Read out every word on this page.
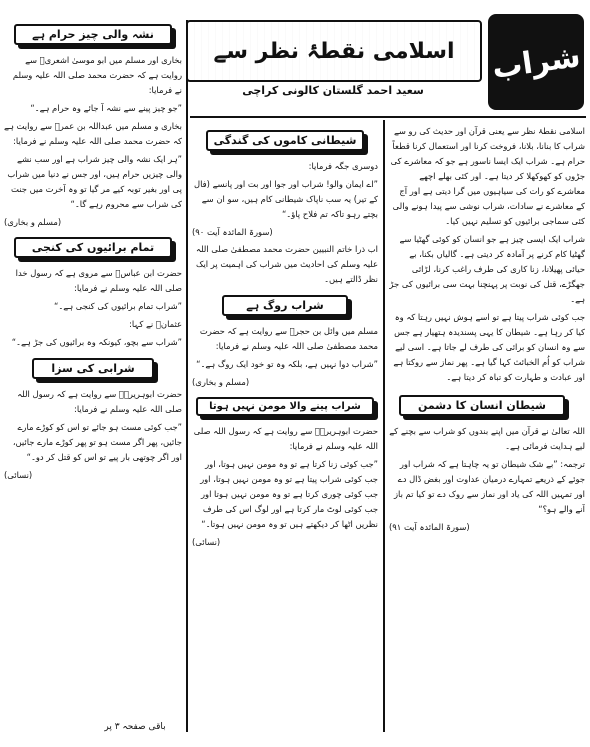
شراب
اسلامی نقطۂ نظر سے
سعید احمد گلستان کالونی کراچی

اسلامی نقطۂ نظر سے یعنی قرآن اور حدیث کی رو سے شراب کا بنانا، بلانا، فروخت کرنا اور استعمال کرنا قطعاً حرام ہے۔ شراب ایک ایسا ناسور ہے جو کہ معاشرے کی جڑوں کو کھوکھلا کر دیتا ہے۔ اور کئی بھلے اچھے معاشرے کو رات کی سیاہیوں میں گرا دیتی ہے اور آج کے معاشرے نے سادات، شراب نوشی سے پیدا ہونے والی کئی سماجی برائیوں کو تسلیم نہیں کیا۔

شراب ایک ایسی چیز ہے جو انسان کو کوئی گھٹیا سے گھٹیا کام کرنے پر آمادہ کر دیتی ہے۔ گالیاں بکنا، بے حیائی پھیلانا، زنا کاری کی طرف راغب کرنا، لڑائی جھگڑے، قتل کی نوبت پر پہنچنا بہت سی برائیوں کی جڑ ہے۔

جب کوئی شراب پیتا ہے تو اسے ہوش نہیں رہتا کہ وہ کیا کر رہا ہے۔ شیطان کا یہی پسندیدہ ہتھیار ہے جس سے وہ انسان کو برائی کی طرف لے جاتا ہے۔ اسی لیے شراب کو اُم الخبائث کہا گیا ہے۔ پھر نماز سے روکتا ہے اور عبادت و طہارت کو تباہ کر دیتا ہے۔

شیطان انسان کا دشمن

اللہ تعالیٰ نے قرآن میں اپنے بندوں کو شراب سے بچنے کے لیے ہدایت فرمائی ہے۔

ترجمہ: ”بے شک شیطان تو یہ چاہتا ہے کہ شراب اور جوئے کے ذریعے تمہارے درمیان عداوت اور بغض ڈال دے اور تمہیں اللہ کی یاد اور نماز سے روک دے تو کیا تم باز آنے والے ہو؟“

(سورۃ المائدہ آیت ۹۱)

شیطانی کاموں کی گندگی

دوسری جگہ فرمایا:

”اے ایمان والو! شراب اور جوا اور بت اور پانسے (فال کے تیر) یہ سب ناپاک شیطانی کام ہیں، سو ان سے بچتے رہو تاکہ تم فلاح پاؤ۔“

(سورۃ المائدہ آیت ۹۰)

اب ذرا خاتم النبیین حضرت محمد مصطفیٰ صلی اللہ علیہ وسلم کی احادیث میں شراب کی اہمیت پر ایک نظر ڈالتے ہیں۔

شراب روگ ہے

مسلم میں وائل بن حجرؓ سے روایت ہے کہ حضرت محمد مصطفیٰ صلی اللہ علیہ وسلم نے فرمایا:

”شراب دوا نہیں ہے، بلکہ وہ تو خود ایک روگ ہے۔“

(مسلم و بخاری)

شراب پینے والا مومن نہیں ہوتا

حضرت ابوہریرہؓ سے روایت ہے کہ رسول اللہ صلی اللہ علیہ وسلم نے فرمایا:

”جب کوئی زنا کرتا ہے تو وہ مومن نہیں ہوتا، اور جب کوئی شراب پیتا ہے تو وہ مومن نہیں ہوتا، اور جب کوئی چوری کرتا ہے تو وہ مومن نہیں ہوتا اور جب کوئی لوٹ مار کرتا ہے اور لوگ اس کی طرف نظریں اٹھا کر دیکھتے ہیں تو وہ مومن نہیں ہوتا۔“

(نسائی)

نشہ والی چیز حرام ہے

بخاری اور مسلم میں ابو موسیٰ اشعریؓ سے روایت ہے کہ حضرت محمد صلی اللہ علیہ وسلم نے فرمایا:

”جو چیز پینے سے نشہ آ جائے وہ حرام ہے۔“

بخاری و مسلم میں عبداللہ بن عمرؓ سے روایت ہے کہ حضرت محمد صلی اللہ علیہ وسلم نے فرمایا:

”ہر ایک نشہ والی چیز شراب ہے اور سب نشے والی چیزیں حرام ہیں، اور جس نے دنیا میں شراب پی اور بغیر توبہ کیے مر گیا تو وہ آخرت میں جنت کی شراب سے محروم رہے گا۔“

(مسلم و بخاری)

تمام برائیوں کی کنجی

حضرت ابن عباسؓ سے مروی ہے کہ رسول خدا صلی اللہ علیہ وسلم نے فرمایا:

”شراب تمام برائیوں کی کنجی ہے۔“

عثمانؓ نے کہا:

”شراب سے بچو، کیونکہ وہ برائیوں کی جڑ ہے۔“

شرابی کی سزا

حضرت ابوہریرہؓ سے روایت ہے کہ رسول اللہ صلی اللہ علیہ وسلم نے فرمایا:

”جب کوئی مست ہو جائے تو اس کو کوڑے مارے جائیں، پھر اگر مست ہو تو پھر کوڑے مارے جائیں، اور اگر چوتھی بار پیے تو اس کو قتل کر دو۔“

(نسائی)

باقی صفحہ ۳ پر
